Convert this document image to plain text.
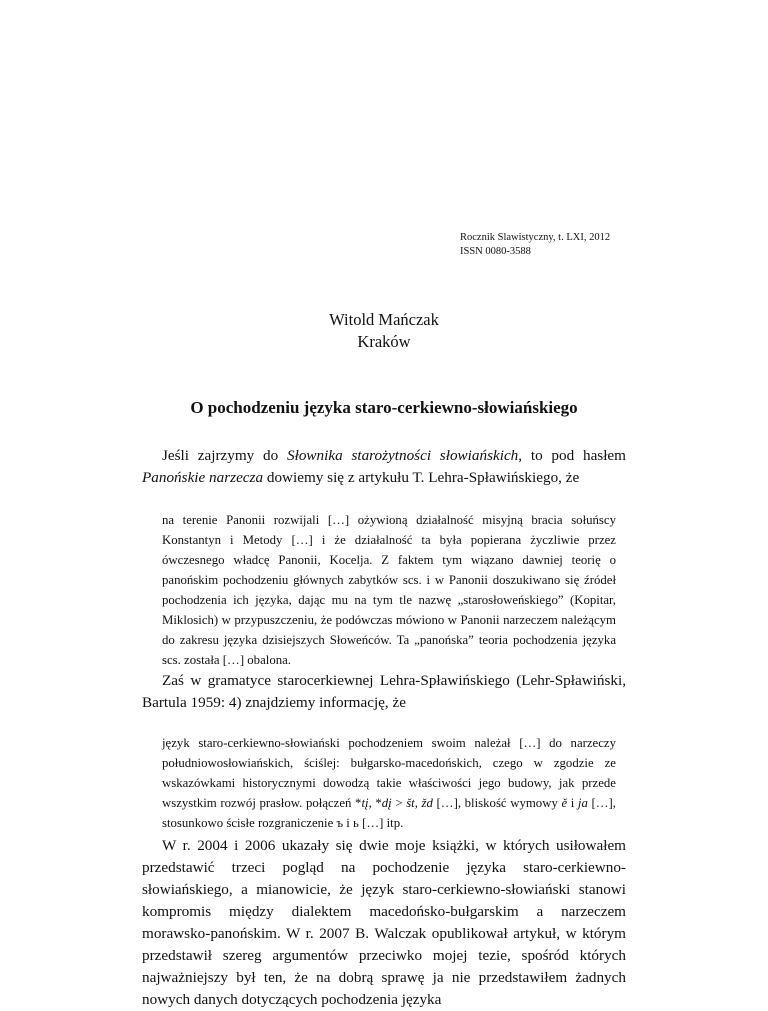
Rocznik Slawistyczny, t. LXI, 2012
ISSN 0080-3588
Witold Mańczak
Kraków
O pochodzeniu języka staro-cerkiewno-słowiańskiego

Jeśli zajrzymy do Słownika starożytności słowiańskich, to pod hasłem Panońskie narzecza dowiemy się z artykułu T. Lehra-Spławińskiego, że

na terenie Panonii rozwijali […] ożywioną działalność misyjną bracia sołuńscy Konstantyn i Metody […] i że działalność ta była popierana życzliwie przez ówczesnego władcę Panonii, Kocelja. Z faktem tym wiązano dawniej teorię o panońskim pochodzeniu głównych zabytków scs. i w Panonii doszukiwano się źródeł pochodzenia ich języka, dając mu na tym tle nazwę „starosłoweńskiego” (Kopitar, Miklosich) w przypuszczeniu, że podówczas mówiono w Panonii narzeczem należącym do zakresu języka dzisiejszych Słoweńców. Ta „panońska” teoria pochodzenia języka scs. została […] obalona.

Zaś w gramatyce starocerkiewnej Lehra-Spławińskiego (Lehr-Spławiński, Bartula 1959: 4) znajdziemy informację, że

język staro-cerkiewno-słowiański pochodzeniem swoim należał […] do narzeczy południowosłowiańskich, ściślej: bułgarsko-macedońskich, czego w zgodzie ze wskazówkami historycznymi dowodzą takie właściwości jego budowy, jak przede wszystkim rozwój prasłow. połączeń *tį, *dį > št, žd […], bliskość wymowy ě i ja […], stosunkowo ścisłe rozgraniczenie ъ i ь […] itp.

W r. 2004 i 2006 ukazały się dwie moje książki, w których usiłowałem przedstawić trzeci pogląd na pochodzenie języka staro-cerkiewno-słowiańskiego, a mianowicie, że język staro-cerkiewno-słowiański stanowi kompromis między dialektem macedońsko-bułgarskim a narzeczem morawsko-panońskim. W r. 2007 B. Walczak opublikował artykuł, w którym przedstawił szereg argumentów przeciwko mojej tezie, spośród których najważniejszy był ten, że na dobrą sprawę ja nie przedstawiłem żadnych nowych danych dotyczących pochodzenia języka
